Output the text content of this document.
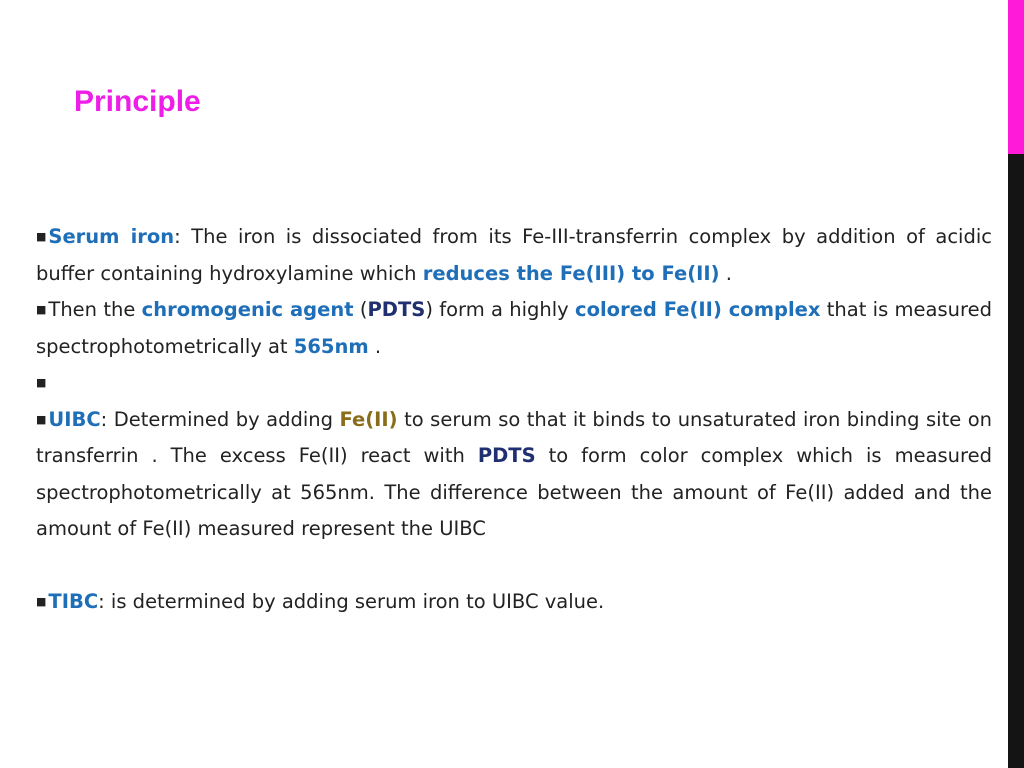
Principle

■ Serum iron: The iron is dissociated from its Fe-III-transferrin complex by addition of acidic buffer containing hydroxylamine which reduces the Fe(III) to Fe(II) .

■ Then the chromogenic agent (PDTS) form a highly colored Fe(II) complex that is measured spectrophotometrically at 565nm .

■

■ UIBC: Determined by adding Fe(II) to serum so that it binds to unsaturated iron binding site on transferrin . The excess Fe(II) react with PDTS to form color complex which is measured spectrophotometrically at 565nm. The difference between the amount of Fe(II) added and the amount of Fe(II) measured represent the UIBC

■ TIBC: is determined by adding serum iron to UIBC value.
